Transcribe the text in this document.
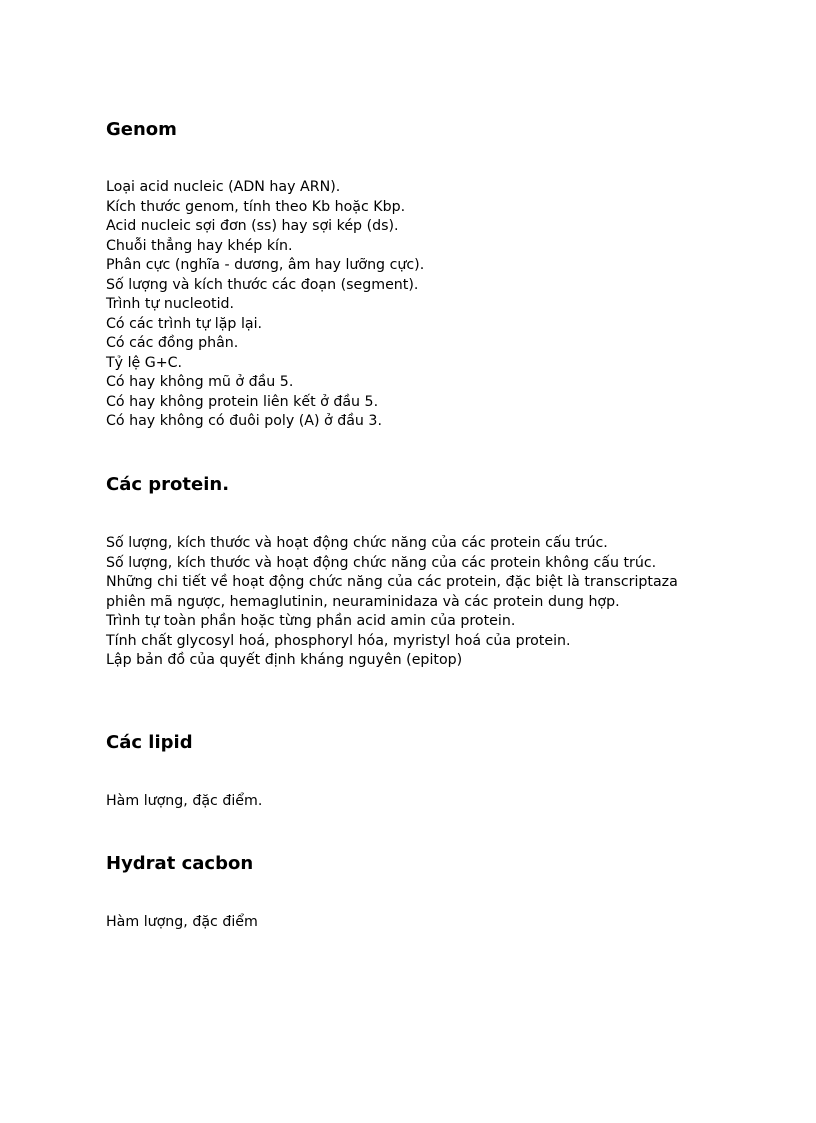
Genom
Loại acid nucleic (ADN hay ARN).
Kích thước genom, tính theo Kb hoặc Kbp.
Acid nucleic sợi đơn (ss) hay sợi kép (ds).
Chuỗi thẳng hay khép kín.
Phân cực (nghĩa - dương, âm hay lưỡng cực).
Số lượng và kích thước các đoạn (segment).
Trình tự nucleotid.
Có các trình tự lặp lại.
Có các đồng phân.
Tỷ lệ G+C.
Có hay không mũ ở đầu 5.
Có hay không protein liên kết ở đầu 5.
Có hay không có đuôi poly (A) ở đầu 3.
Các protein.
Số lượng, kích thước và hoạt động chức năng của các protein cấu trúc.
Số lượng, kích thước và hoạt động chức năng của các protein không cấu trúc.
Những chi tiết về hoạt động chức năng của các protein, đặc biệt là transcriptaza phiên mã ngược, hemaglutinin, neuraminidaza và các protein dung hợp.
Trình tự toàn phần hoặc từng phần acid amin của protein.
Tính chất glycosyl hoá, phosphoryl hóa, myristyl hoá của protein.
Lập bản đồ của quyết định kháng nguyên (epitop)
Các lipid
Hàm lượng, đặc điểm.
Hydrat cacbon
Hàm lượng, đặc điểm
